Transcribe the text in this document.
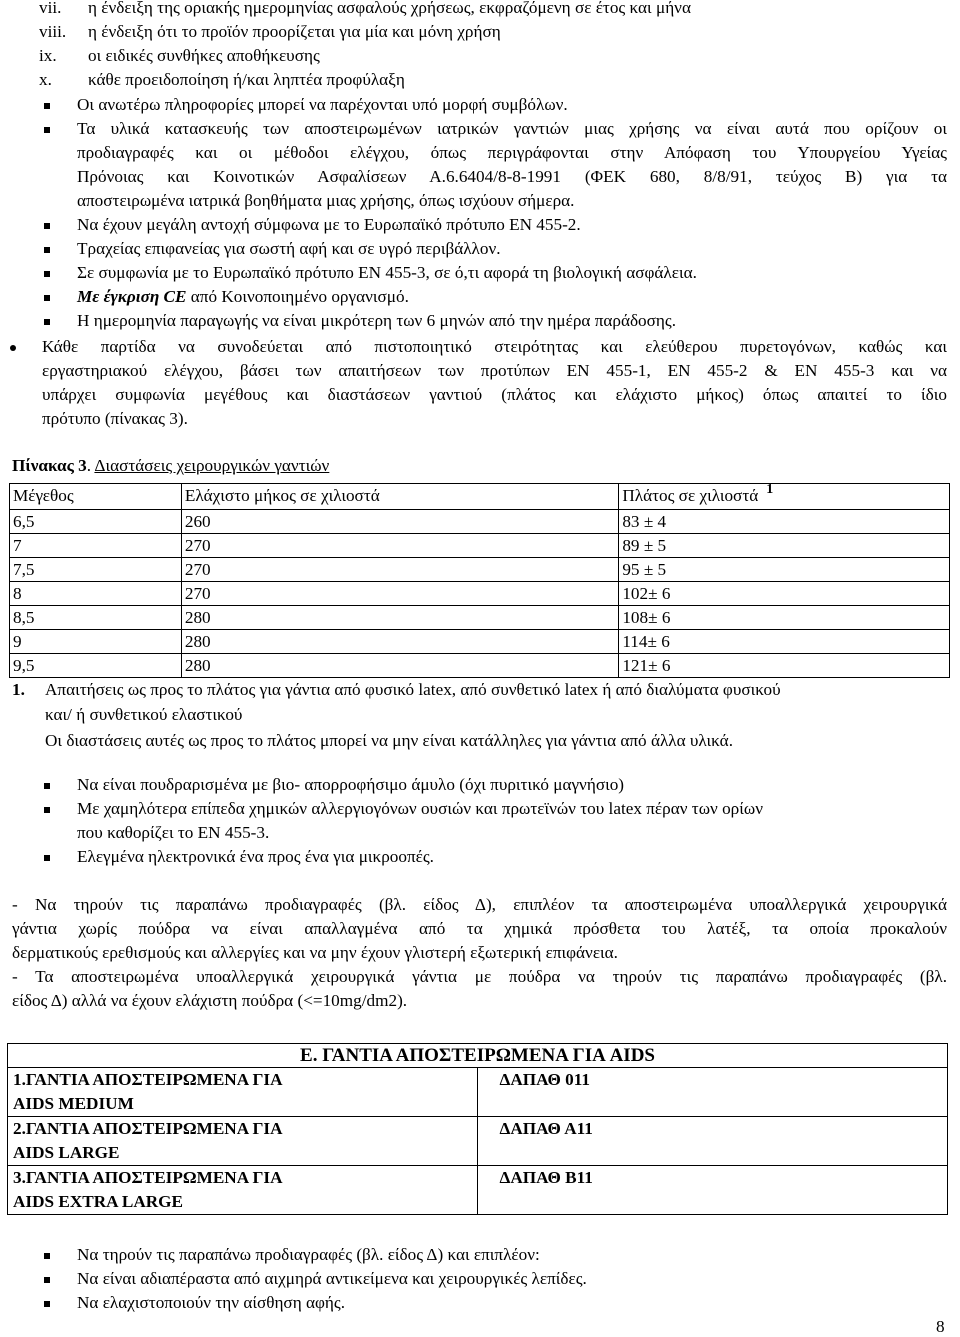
vii. η ένδειξη της οριακής ημερομηνίας ασφαλούς χρήσεως, εκφραζόμενη σε έτος και μήνα
viii. η ένδειξη ότι το προϊόν προορίζεται για μία και μόνη χρήση
ix. οι ειδικές συνθήκες αποθήκευσης
x. κάθε προειδοποίηση ή/και ληπτέα προφύλαξη
Οι ανωτέρω πληροφορίες μπορεί να παρέχονται υπό μορφή συμβόλων.
Τα υλικά κατασκευής των αποστειρωμένων ιατρικών γαντιών μιας χρήσης να είναι αυτά που ορίζουν οι
προδιαγραφές και οι μέθοδοι ελέγχου, όπως περιγράφονται στην Απόφαση του Υπουργείου Υγείας
Πρόνοιας και Κοινοτικών Ασφαλίσεων Α.6.6404/8-8-1991 (ΦΕΚ 680, 8/8/91, τεύχος Β) για τα
αποστειρωμένα ιατρικά βοηθήματα μιας χρήσης, όπως ισχύουν σήμερα.
Να έχουν μεγάλη αντοχή σύμφωνα με το Ευρωπαϊκό πρότυπο ΕΝ 455-2.
Τραχείας επιφανείας για σωστή αφή και σε υγρό περιβάλλον.
Σε συμφωνία με το Ευρωπαϊκό πρότυπο ΕΝ 455-3, σε ό,τι αφορά τη βιολογική ασφάλεια.
Με έγκριση CE από Κοινοποιημένο οργανισμό.
Η ημερομηνία παραγωγής να είναι μικρότερη των 6 μηνών από την ημέρα παράδοσης.
Κάθε παρτίδα να συνοδεύεται από πιστοποιητικό στειρότητας και ελεύθερου πυρετογόνων, καθώς και
εργαστηριακού ελέγχου, βάσει των απαιτήσεων των προτύπων ΕΝ 455-1, ΕΝ 455-2 & ΕΝ 455-3 και να
υπάρχει συμφωνία μεγέθους και διαστάσεων γαντιού (πλάτος και ελάχιστο μήκος) όπως απαιτεί το ίδιο
πρότυπο (πίνακας 3).
Πίνακας 3. Διαστάσεις χειρουργικών γαντιών
Μέγεθος	Ελάχιστο μήκος σε χιλιοστά	Πλάτος σε χιλιοστά $^1$
6,5	260	83 ± 4
7	270	89 ± 5
7,5	270	95 ± 5
8	270	102± 6
8,5	280	108± 6
9	280	114± 6
9,5	280	121± 6
1. Απαιτήσεις ως προς το πλάτος για γάντια από φυσικό latex, από συνθετικό latex ή από διαλύματα φυσικού
και/ ή συνθετικού ελαστικού
Οι διαστάσεις αυτές ως προς το πλάτος μπορεί να μην είναι κατάλληλες για γάντια από άλλα υλικά.
Να είναι πουδραρισμένα με βιο- απορροφήσιμο άμυλο (όχι πυριτικό μαγνήσιο)
Με χαμηλότερα επίπεδα χημικών αλλεργιογόνων ουσιών και πρωτεϊνών του latex πέραν των ορίων
που καθορίζει το ΕΝ 455-3.
Ελεγμένα ηλεκτρονικά ένα προς ένα για μικροοπές.
- Να τηρούν τις παραπάνω προδιαγραφές (βλ. είδος Δ), επιπλέον τα αποστειρωμένα υποαλλεργικά χειρουργικά
γάντια χωρίς πούδρα να είναι απαλλαγμένα από τα χημικά πρόσθετα του λατέξ, τα οποία προκαλούν
δερματικούς ερεθισμούς και αλλεργίες και να μην έχουν γλιστερή εξωτερική επιφάνεια.
- Τα αποστειρωμένα υποαλλεργικά χειρουργικά γάντια με πούδρα να τηρούν τις παραπάνω προδιαγραφές (βλ.
είδος Δ) αλλά να έχουν ελάχιστη πούδρα (<=10mg/dm2).
Ε. ΓΑΝΤΙΑ ΑΠΟΣΤΕΙΡΩΜΕΝΑ ΓΙΑ AIDS	

1.ΓΑΝΤΙΑ ΑΠΟΣΤΕΙΡΩΜΕΝΑ ΓΙΑ
AIDS MEDIUM	ΔΑΠΑΘ 011

2.ΓΑΝΤΙΑ ΑΠΟΣΤΕΙΡΩΜΕΝΑ ΓΙΑ
AIDS LARGE	ΔΑΠΑΘ Α11

3.ΓΑΝΤΙΑ ΑΠΟΣΤΕΙΡΩΜΕΝΑ ΓΙΑ
AIDS EXTRA LARGE	ΔΑΠΑΘ Β11
Να τηρούν τις παραπάνω προδιαγραφές (βλ. είδος Δ) και επιπλέον:
Να είναι αδιαπέραστα από αιχμηρά αντικείμενα και χειρουργικές λεπίδες.
Να ελαχιστοποιούν την αίσθηση αφής.
8
